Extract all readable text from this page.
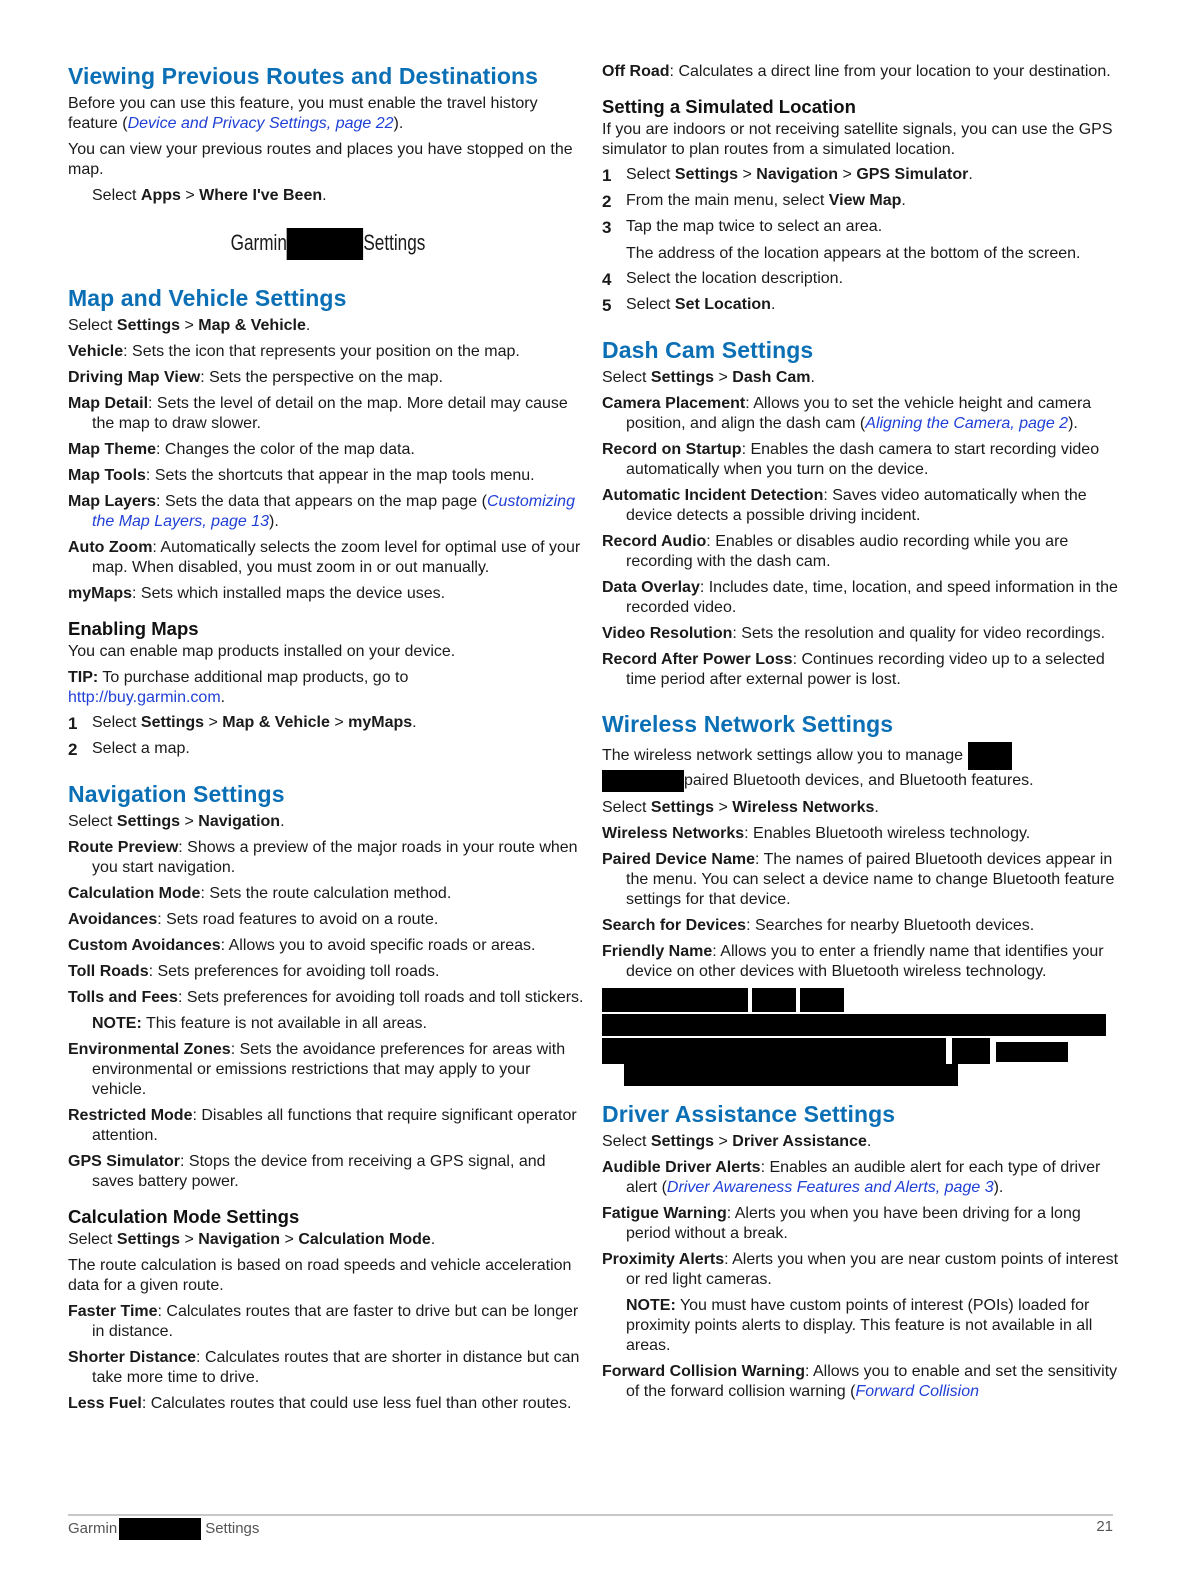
Viewing Previous Routes and Destinations

Before you can use this feature, you must enable the travel history feature (Device and Privacy Settings, page 22).

You can view your previous routes and places you have stopped on the map.

Select Apps > Where I've Been.

Garmin	Settings
Map and Vehicle Settings

Select Settings > Map & Vehicle.

Vehicle: Sets the icon that represents your position on the map.

Driving Map View: Sets the perspective on the map.

Map Detail: Sets the level of detail on the map. More detail may cause the map to draw slower.

Map Theme: Changes the color of the map data.

Map Tools: Sets the shortcuts that appear in the map tools menu.

Map Layers: Sets the data that appears on the map page (Customizing the Map Layers, page 13).

Auto Zoom: Automatically selects the zoom level for optimal use of your map. When disabled, you must zoom in or out manually.

myMaps: Sets which installed maps the device uses.

Enabling Maps

You can enable map products installed on your device.

TIP: To purchase additional map products, go to
http://buy.garmin.com.

1 Select Settings > Map & Vehicle > myMaps.
2 Select a map.
Navigation Settings

Select Settings > Navigation.

Route Preview: Shows a preview of the major roads in your route when you start navigation.

Calculation Mode: Sets the route calculation method.

Avoidances: Sets road features to avoid on a route.

Custom Avoidances: Allows you to avoid specific roads or areas.

Toll Roads: Sets preferences for avoiding toll roads.

Tolls and Fees: Sets preferences for avoiding toll roads and toll stickers.

NOTE: This feature is not available in all areas.

Environmental Zones: Sets the avoidance preferences for areas with environmental or emissions restrictions that may apply to your vehicle.

Restricted Mode: Disables all functions that require significant operator attention.

GPS Simulator: Stops the device from receiving a GPS signal, and saves battery power.

Calculation Mode Settings

Select Settings > Navigation > Calculation Mode.

The route calculation is based on road speeds and vehicle acceleration data for a given route.

Faster Time: Calculates routes that are faster to drive but can be longer in distance.

Shorter Distance: Calculates routes that are shorter in distance but can take more time to drive.

Less Fuel: Calculates routes that could use less fuel than other routes.

Off Road: Calculates a direct line from your location to your destination.

Setting a Simulated Location

If you are indoors or not receiving satellite signals, you can use the GPS simulator to plan routes from a simulated location.

1 Select Settings > Navigation > GPS Simulator.
2 From the main menu, select View Map.
3 Tap the map twice to select an area.

The address of the location appears at the bottom of the screen.

4 Select the location description.
5 Select Set Location.
Dash Cam Settings

Select Settings > Dash Cam.

Camera Placement: Allows you to set the vehicle height and camera position, and align the dash cam (Aligning the Camera, page 2).

Record on Startup: Enables the dash camera to start recording video automatically when you turn on the device.

Automatic Incident Detection: Saves video automatically when the device detects a possible driving incident.

Record Audio: Enables or disables audio recording while you are recording with the dash cam.

Data Overlay: Includes date, time, location, and speed information in the recorded video.

Video Resolution: Sets the resolution and quality for video recordings.

Record After Power Loss: Continues recording video up to a selected time period after external power is lost.

Wireless Network Settings

The wireless network settings allow you to manage
paired Bluetooth devices, and Bluetooth features.

Select Settings > Wireless Networks.

Wireless Networks: Enables Bluetooth wireless technology.

Paired Device Name: The names of paired Bluetooth devices appear in the menu. You can select a device name to change Bluetooth feature settings for that device.

Search for Devices: Searches for nearby Bluetooth devices.

Friendly Name: Allows you to enter a friendly name that identifies your device on other devices with Bluetooth wireless technology.

Driver Assistance Settings

Select Settings > Driver Assistance.

Audible Driver Alerts: Enables an audible alert for each type of driver alert (Driver Awareness Features and Alerts, page 3).

Fatigue Warning: Alerts you when you have been driving for a long period without a break.

Proximity Alerts: Alerts you when you are near custom points of interest or red light cameras.

NOTE: You must have custom points of interest (POIs) loaded for proximity points alerts to display. This feature is not available in all areas.

Forward Collision Warning: Allows you to enable and set the sensitivity of the forward collision warning (Forward Collision

Garmin	Settings	21
